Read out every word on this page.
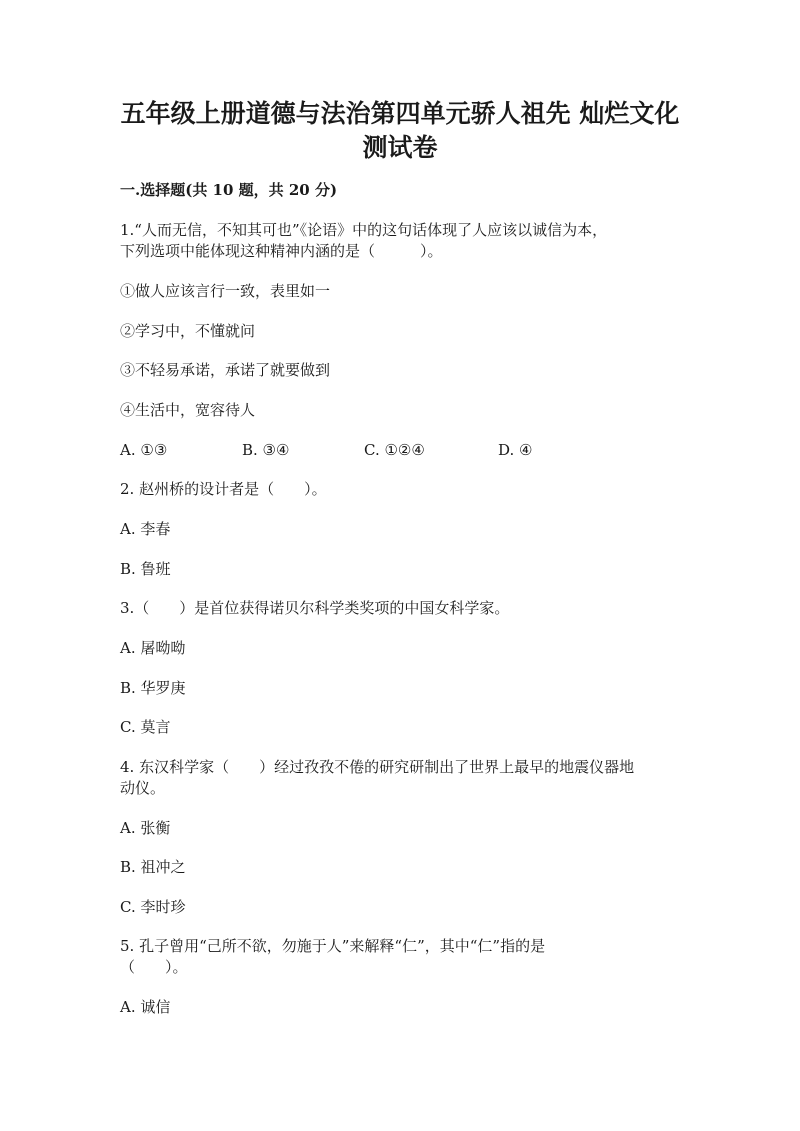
五年级上册道德与法治第四单元骄人祖先 灿烂文化
测试卷
一.选择题(共 10 题，共 20 分)
1.“人而无信，不知其可也”《论语》中的这句话体现了人应该以诚信为本，
下列选项中能体现这种精神内涵的是（　　　）。
①做人应该言行一致，表里如一
②学习中，不懂就问
③不轻易承诺，承诺了就要做到
④生活中，宽容待人
A. ①③	B. ③④	C. ①②④	D. ④
2. 赵州桥的设计者是（　　）。
A. 李春
B. 鲁班
3.（　　）是首位获得诺贝尔科学类奖项的中国女科学家。
A. 屠呦呦
B. 华罗庚
C. 莫言
4. 东汉科学家（　　）经过孜孜不倦的研究研制出了世界上最早的地震仪器地
动仪。
A. 张衡
B. 祖冲之
C. 李时珍
5. 孔子曾用“己所不欲，勿施于人”来解释“仁”，其中“仁”指的是
（　　）。
A. 诚信
